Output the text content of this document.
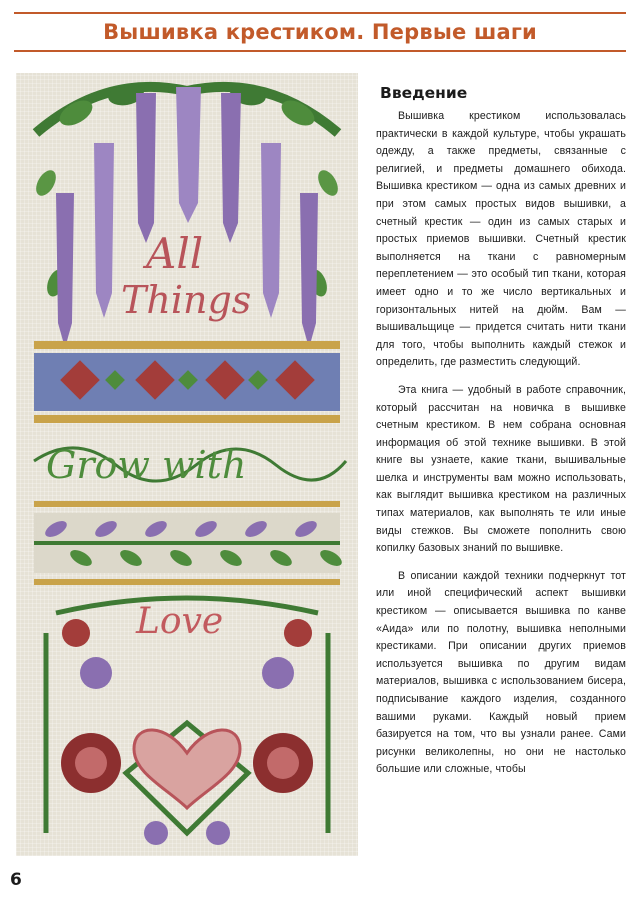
Вышивка крестиком. Первые шаги
All
Things
Grow with
Love
Введение

Вышивка крестиком использовалась практически в каждой культуре, чтобы украшать одежду, а также предметы, связанные с религией, и предметы домашнего обихода. Вышивка крестиком — одна из самых древних и при этом самых простых видов вышивки, а счетный крестик — один из самых старых и простых приемов вышивки. Счетный крестик выполняется на ткани с равномерным переплетением — это особый тип ткани, которая имеет одно и то же число вертикальных и горизонтальных нитей на дюйм. Вам — вышивальщице — придется считать нити ткани для того, чтобы выполнить каждый стежок и определить, где разместить следующий.

Эта книга — удобный в работе справочник, который рассчитан на новичка в вышивке счетным крестиком. В нем собрана основная информация об этой технике вышивки. В этой книге вы узнаете, какие ткани, вышивальные шелка и инструменты вам можно использовать, как выглядит вышивка крестиком на различных типах материалов, как выполнять те или иные виды стежков. Вы сможете пополнить свою копилку базовых знаний по вышивке.

В описании каждой техники подчеркнут тот или иной специфический аспект вышивки крестиком — описывается вышивка по канве «Аида» или по полотну, вышивка неполными крестиками. При описании других приемов используется вышивка по другим видам материалов, вышивка с использованием бисера, подписывание каждого изделия, созданного вашими руками. Каждый новый прием базируется на том, что вы узнали ранее. Сами рисунки великолепны, но они не настолько большие или сложные, чтобы

6
